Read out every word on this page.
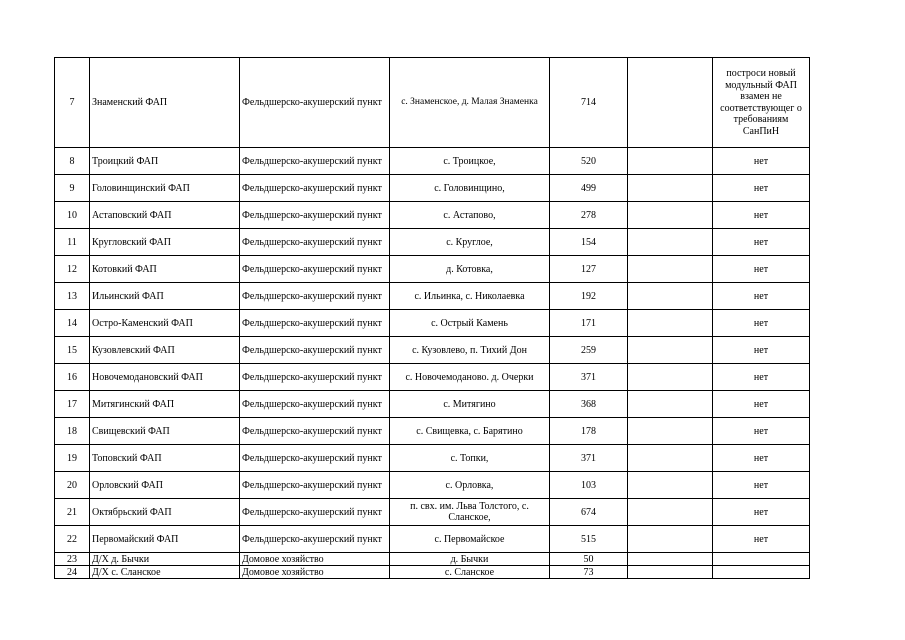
7	Знаменский ФАП	Фельдшерско-акушерский пункт	с. Знаменское, д. Малая Знаменка	714		построси новый модульный ФАП взамен не соответствующег о требованиям СанПиН
8	Троицкий ФАП	Фельдшерско-акушерский пункт	с. Троицкое,	520		нет
9	Головинщинский ФАП	Фельдшерско-акушерский пункт	с. Головинщино,	499		нет
10	Астаповский ФАП	Фельдшерско-акушерский пункт	с. Астапово,	278		нет
11	Кругловский ФАП	Фельдшерско-акушерский пункт	с. Круглое,	154		нет
12	Котовкий ФАП	Фельдшерско-акушерский пункт	д. Котовка,	127		нет
13	Ильинский ФАП	Фельдшерско-акушерский пункт	с. Ильинка, с. Николаевка	192		нет
14	Остро-Каменский ФАП	Фельдшерско-акушерский пункт	с. Острый Камень	171		нет
15	Кузовлевский ФАП	Фельдшерско-акушерский пункт	с. Кузовлево, п. Тихий Дон	259		нет
16	Новочемодановский ФАП	Фельдшерско-акушерский пункт	с. Новочемоданово. д. Очерки	371		нет
17	Митягинский ФАП	Фельдшерско-акушерский пункт	с. Митягино	368		нет
18	Свищевский ФАП	Фельдшерско-акушерский пункт	с. Свищевка, с. Барятино	178		нет
19	Топовский ФАП	Фельдшерско-акушерский пункт	с. Топки,	371		нет
20	Орловский ФАП	Фельдшерско-акушерский пункт	с. Орловка,	103		нет
21	Октябрьский ФАП	Фельдшерско-акушерский пункт	п. свх. им. Льва Толстого, с. Сланское,	674		нет
22	Первомайский ФАП	Фельдшерско-акушерский пункт	с. Первомайское	515		нет
23	Д/Х д. Бычки	Домовое хозяйство	д. Бычки	50		
24	Д/Х с. Сланское	Домовое хозяйство	с. Сланское	73		
